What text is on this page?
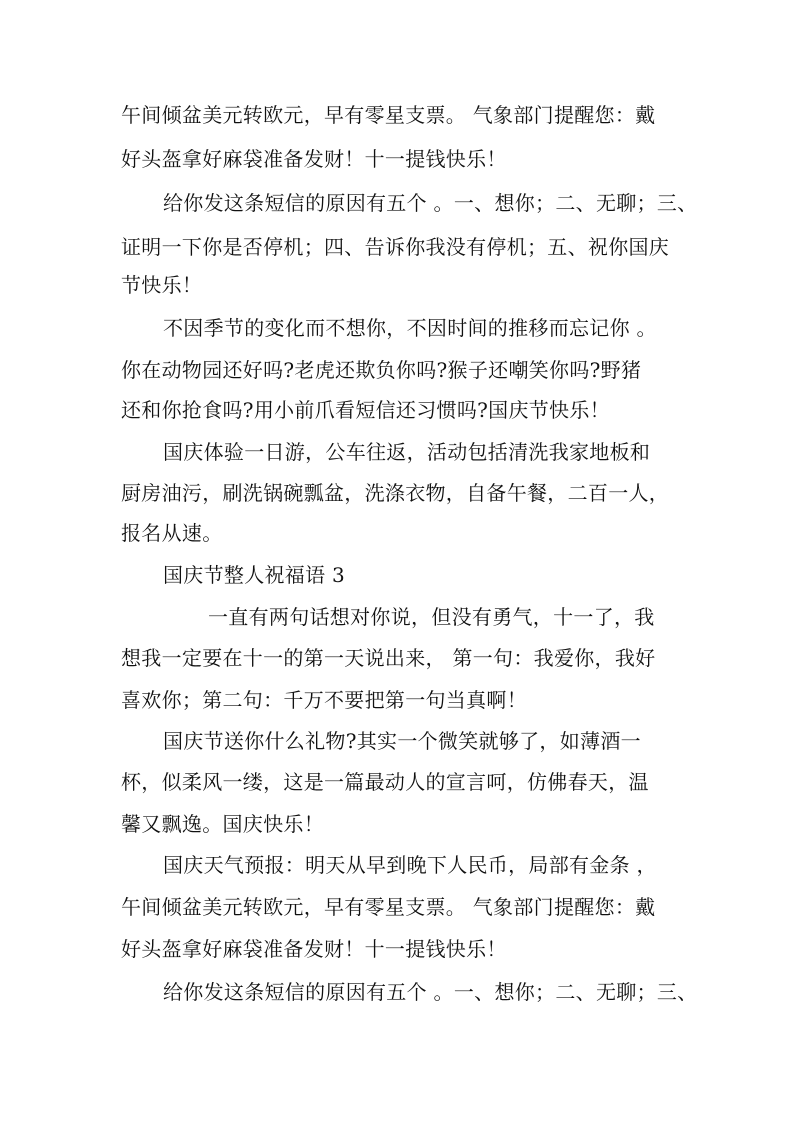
午间倾盆美元转欧元，早有零星支票。 气象部门提醒您：戴
好头盔拿好麻袋准备发财！十一提钱快乐！
给你发这条短信的原因有五个 。一、想你；二、无聊；三、
证明一下你是否停机；四、告诉你我没有停机；五、祝你国庆
节快乐！
不因季节的变化而不想你，不因时间的推移而忘记你 。
你在动物园还好吗?老虎还欺负你吗?猴子还嘲笑你吗?野猪
还和你抢食吗?用小前爪看短信还习惯吗?国庆节快乐！
国庆体验一日游，公车往返，活动包括清洗我家地板和
厨房油污，刷洗锅碗瓢盆，洗涤衣物，自备午餐，二百一人，
报名从速。
国庆节整人祝福语 3
一直有两句话想对你说，但没有勇气，十一了，我
想我一定要在十一的第一天说出来， 第一句：我爱你，我好
喜欢你；第二句：千万不要把第一句当真啊！
国庆节送你什么礼物?其实一个微笑就够了，如薄酒一
杯，似柔风一缕，这是一篇最动人的宣言呵，仿佛春天，温
馨又飘逸。国庆快乐！
国庆天气预报：明天从早到晚下人民币，局部有金条 ，
午间倾盆美元转欧元，早有零星支票。 气象部门提醒您：戴
好头盔拿好麻袋准备发财！十一提钱快乐！
给你发这条短信的原因有五个 。一、想你；二、无聊；三、
